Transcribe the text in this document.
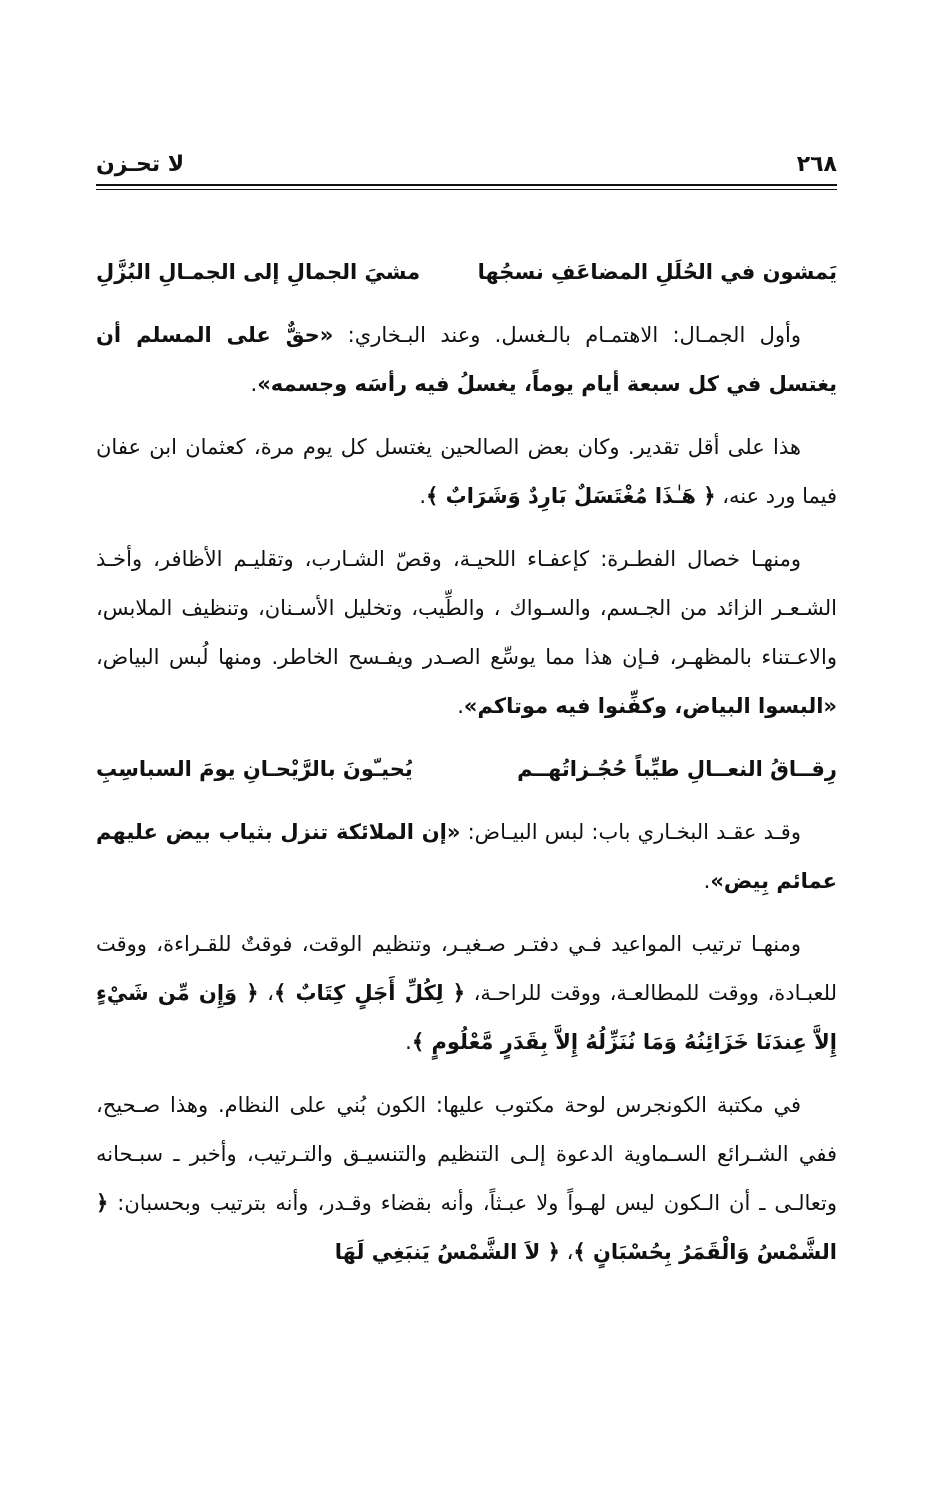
٢٦٨
لا تحـزن
يَمشون في الحُلَلِ المضاعَفِ نسجُها
مشيَ الجمالِ إلى الجمـالِ البُزَّلِ

وأول الجمـال: الاهتمـام بالـغسل. وعند البـخاري: «حقٌّ على المسلم أن يغتسل في كل سبعة أيام يوماً، يغسلُ فيه رأسَه وجسمه».

هذا على أقل تقدير. وكان بعض الصالحين يغتسل كل يوم مرة، كعثمان ابن عفان فيما ورد عنه، ﴿ هَـٰذَا مُغْتَسَلٌ بَارِدٌ وَشَرَابٌ ﴾.

ومنهـا خصال الفطـرة: كإعفـاء اللحيـة، وقصّ الشـارب، وتقليـم الأظافر، وأخـذ الشـعـر الزائد من الجـسم، والسـواك ، والطِّيب، وتخليل الأسـنان، وتنظيف الملابس، والاعـتناء بالمظهـر، فـإن هذا مما يوسِّع الصـدر ويفـسح الخاطر. ومنها لُبس البياض، «البسوا البياض، وكفِّنوا فيه موتاكم».

رِقــاقُ النعــالِ طيِّباً حُجُـزاتُهــم
يُحيـّونَ بالرَّيْحـانِ يومَ السباسِبِ

وقـد عقـد البخـاري باب: لبس البيـاض: «إن الملائكة تنزل بثياب بيض عليهم عمائم بِيض».

ومنهـا ترتيب المواعيد فـي دفتـر صـغيـر، وتنظيم الوقت، فوقتٌ للقـراءة، ووقت للعبـادة، ووقت للمطالعـة، ووقت للراحـة، ﴿ لِكُلِّ أَجَلٍ كِتَابٌ ﴾، ﴿ وَإِن مِّن شَيْءٍ إِلاَّ عِندَنَا خَزَائِنُهُ وَمَا نُنَزِّلُهُ إِلاَّ بِقَدَرٍ مَّعْلُومٍ ﴾.

في مكتبة الكونجرس لوحة مكتوب عليها: الكون بُني على النظام. وهذا صـحيح، ففي الشـرائع السـماوية الدعوة إلـى التنظيم والتنسيـق والتـرتيب، وأخبر ـ سبـحانه وتعالـى ـ أن الـكون ليس لهـواً ولا عبـثاً، وأنه بقضاء وقـدر، وأنه بترتيب وبحسبان: ﴿ الشَّمْسُ وَالْقَمَرُ بِحُسْبَانٍ ﴾، ﴿ لاَ الشَّمْسُ يَنبَغِي لَهَا
